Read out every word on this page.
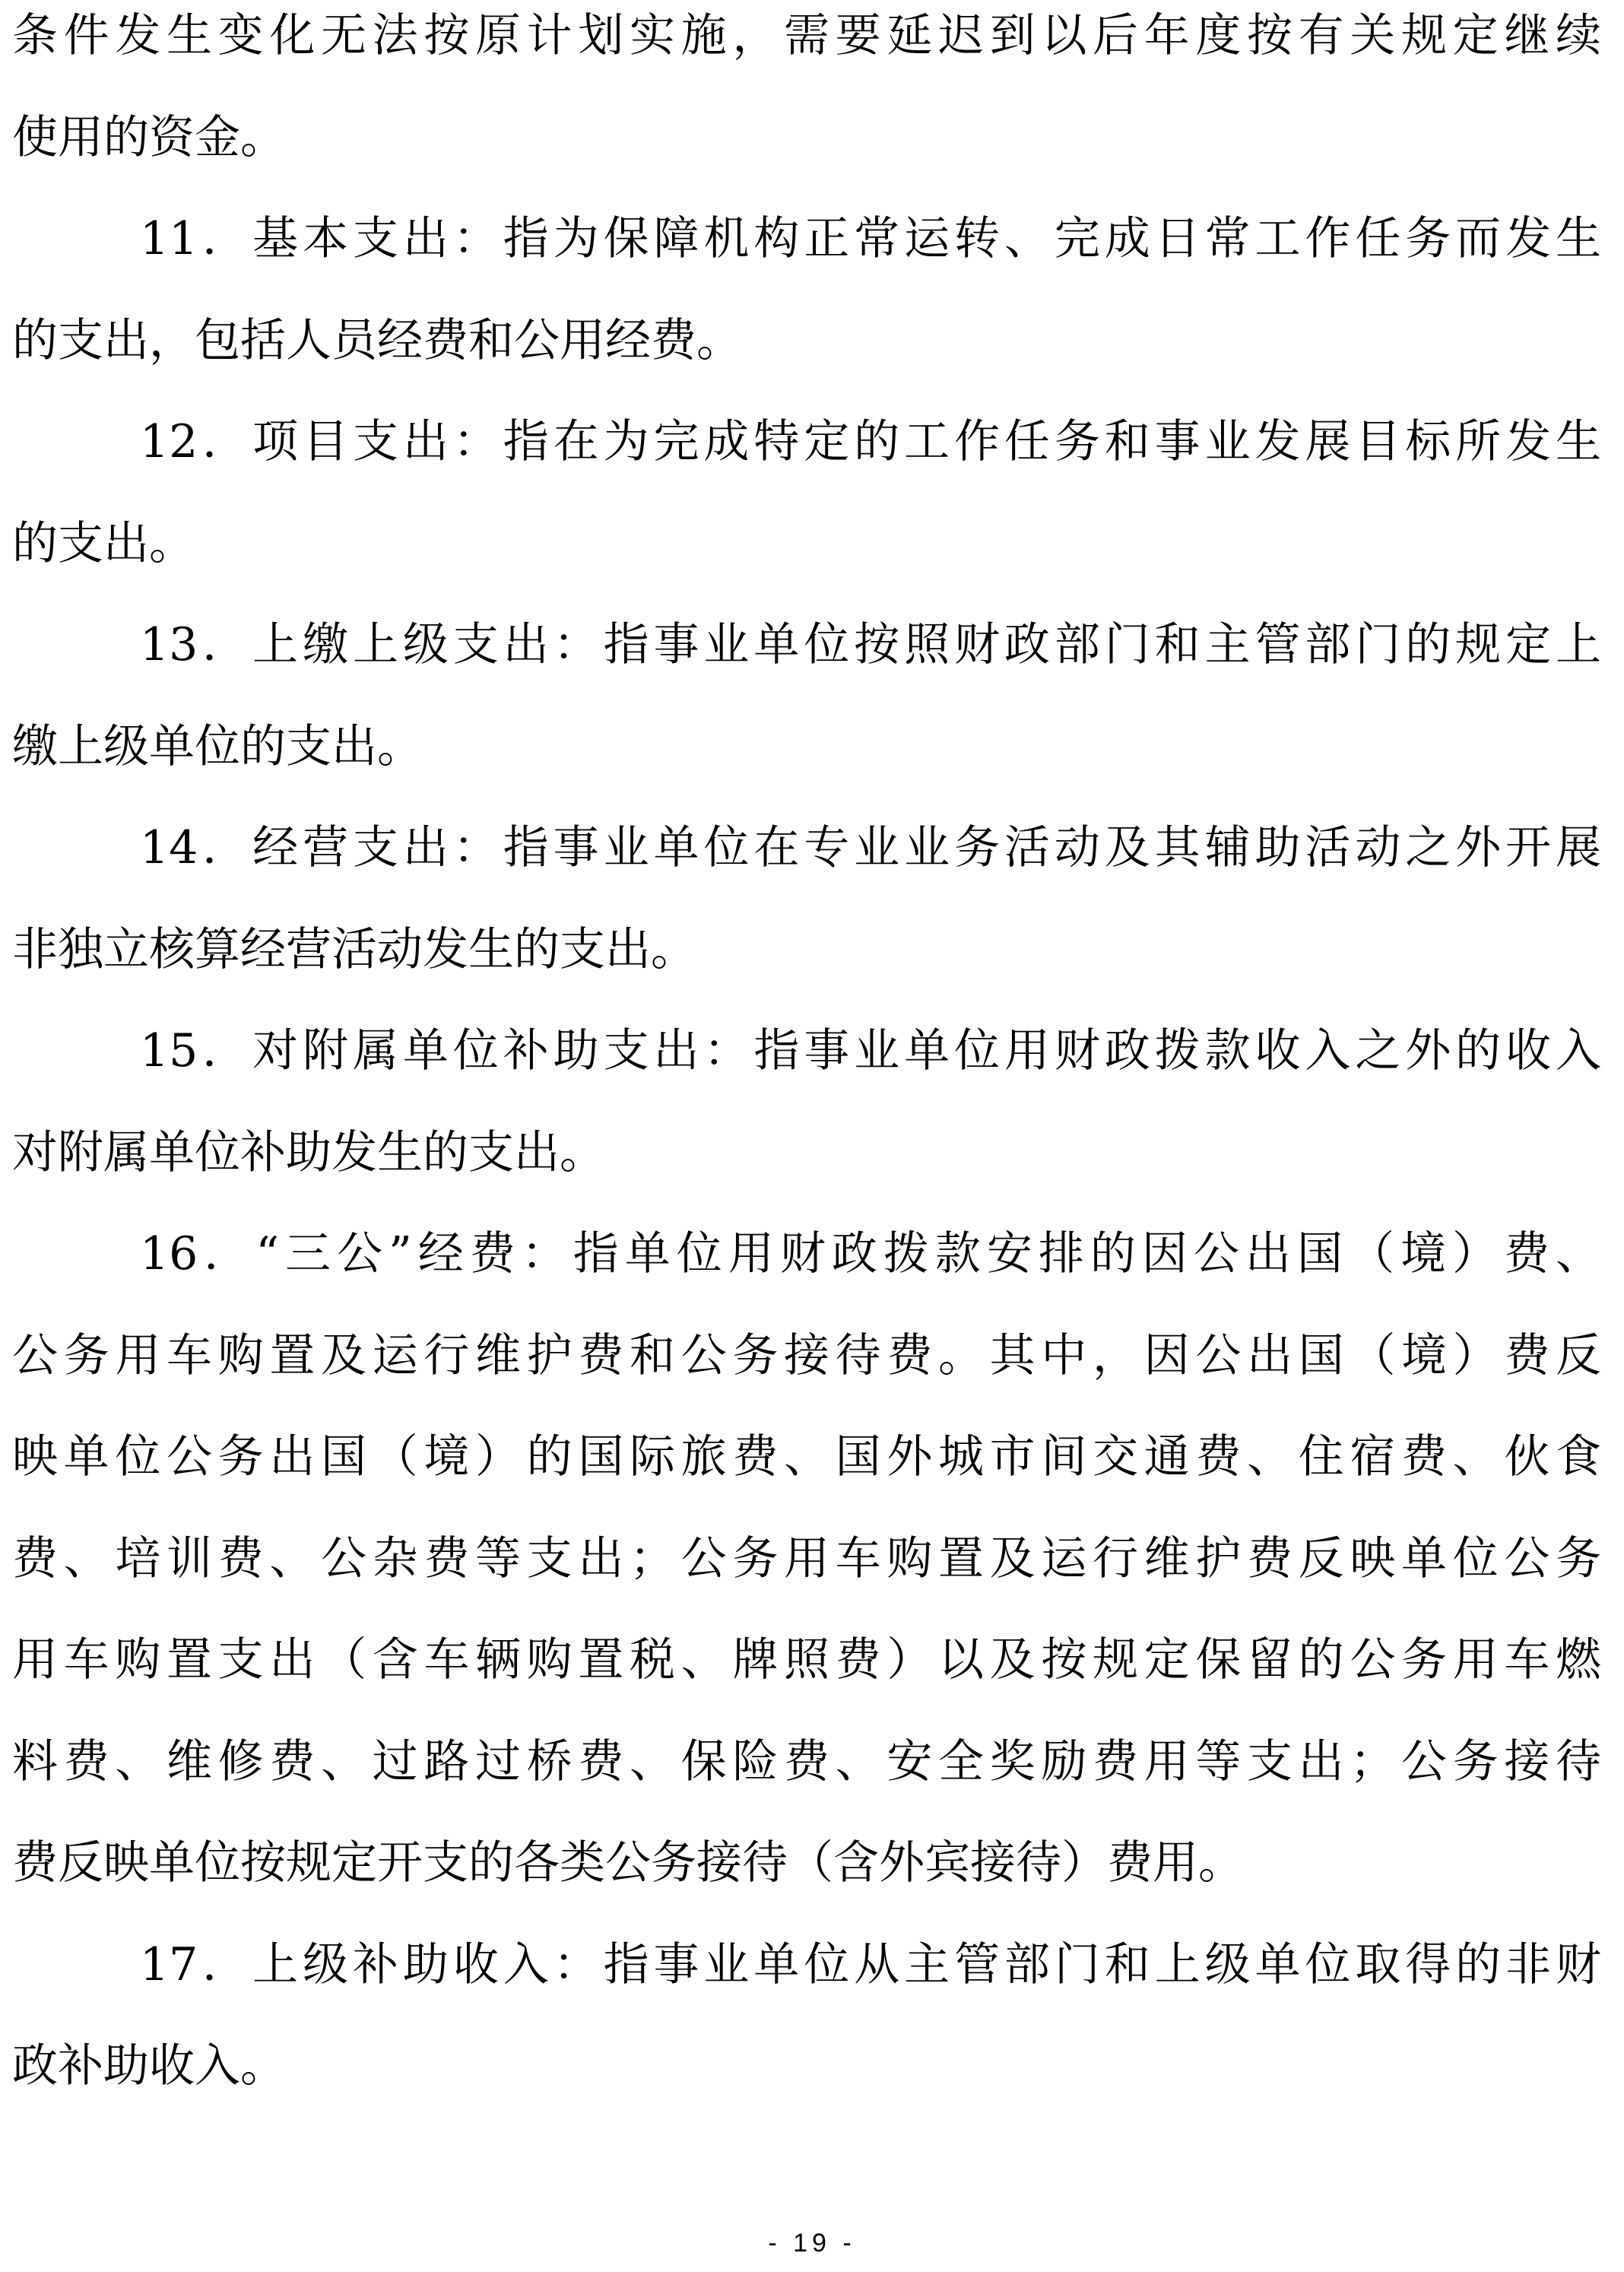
条件发生变化无法按原计划实施，需要延迟到以后年度按有关规定继续
使用的资金。
11．基本支出：指为保障机构正常运转、完成日常工作任务而发生
的支出，包括人员经费和公用经费。
12．项目支出：指在为完成特定的工作任务和事业发展目标所发生
的支出。
13．上缴上级支出：指事业单位按照财政部门和主管部门的规定上
缴上级单位的支出。
14．经营支出：指事业单位在专业业务活动及其辅助活动之外开展
非独立核算经营活动发生的支出。
15．对附属单位补助支出：指事业单位用财政拨款收入之外的收入
对附属单位补助发生的支出。
16．“三公”经费：指单位用财政拨款安排的因公出国（境）费、
公务用车购置及运行维护费和公务接待费。其中，因公出国（境）费反
映单位公务出国（境）的国际旅费、国外城市间交通费、住宿费、伙食
费、培训费、公杂费等支出；公务用车购置及运行维护费反映单位公务
用车购置支出（含车辆购置税、牌照费）以及按规定保留的公务用车燃
料费、维修费、过路过桥费、保险费、安全奖励费用等支出；公务接待
费反映单位按规定开支的各类公务接待（含外宾接待）费用。
17．上级补助收入：指事业单位从主管部门和上级单位取得的非财
政补助收入。
- 19 -
